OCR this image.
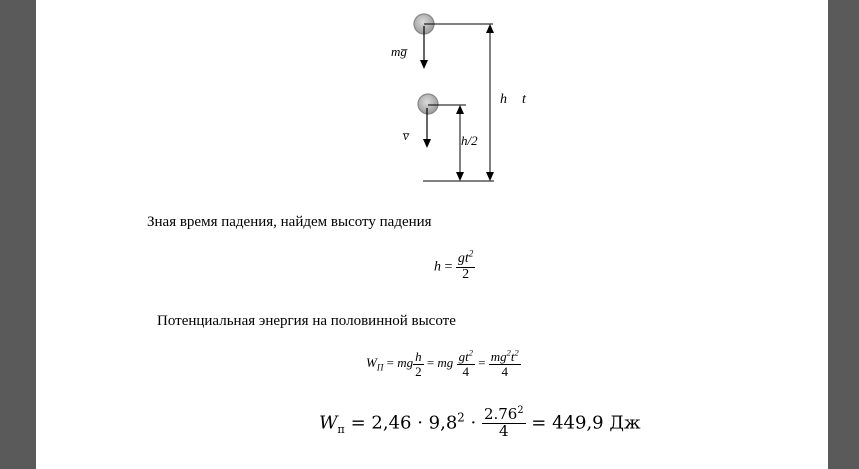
mg̅
v̅
h t
h/2
Зная время падения, найдем высоту падения
$h = \frac{gt^2}{2}$
Потенциальная энергия на половинной высоте
$W_П$ = mg $\frac{h}{2}$ = mg $\frac{gt^2}{4} = \frac{mg^2t^2}{4}$
$W_п = 2,46 \cdot 9,8^2 \cdot \frac{2.76^2}{4} = 449,9$ Дж
